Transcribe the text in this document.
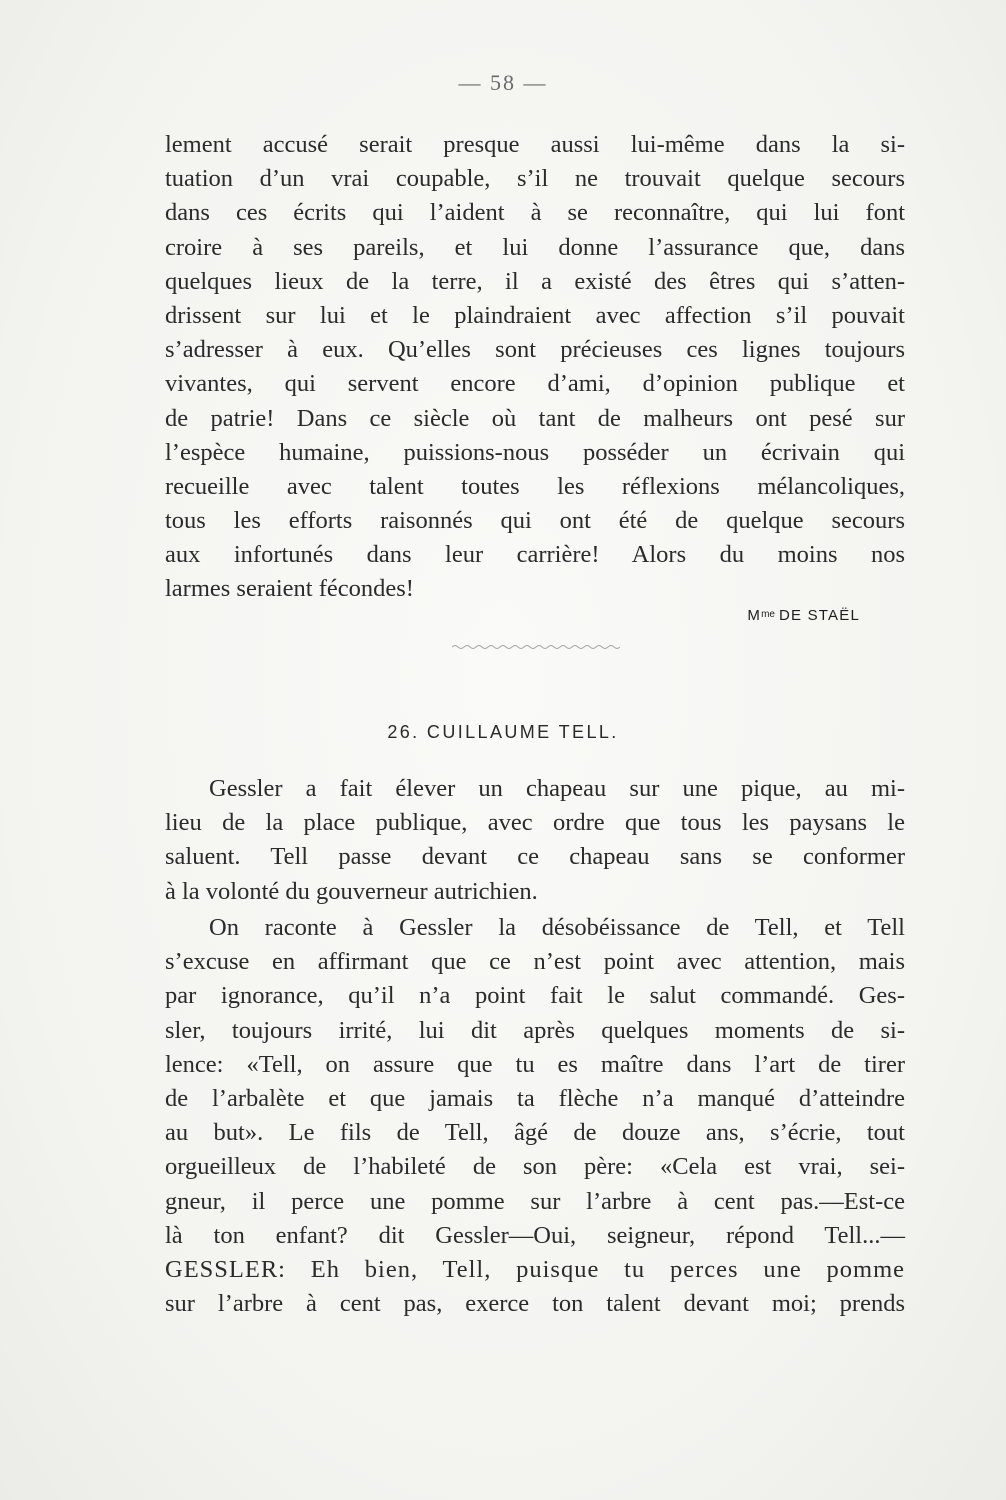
— 58 —
lement accusé serait presque aussi lui-même dans la si-
tuation d’un vrai coupable, s’il ne trouvait quelque secours
dans ces écrits qui l’aident à se reconnaître, qui lui font
croire à ses pareils, et lui donne l’assurance que, dans
quelques lieux de la terre, il a existé des êtres qui s’atten-
drissent sur lui et le plaindraient avec affection s’il pouvait
s’adresser à eux. Qu’elles sont précieuses ces lignes toujours
vivantes, qui servent encore d’ami, d’opinion publique et
de patrie! Dans ce siècle où tant de malheurs ont pesé sur
l’espèce humaine, puissions-nous posséder un écrivain qui
recueille avec talent toutes les réflexions mélancoliques,
tous les efforts raisonnés qui ont été de quelque secours
aux infortunés dans leur carrière! Alors du moins nos
larmes seraient fécondes!
$M^{me}$ DE STAËL
26. CUILLAUME TELL.
Gessler a fait élever un chapeau sur une pique, au mi-
lieu de la place publique, avec ordre que tous les paysans le
saluent. Tell passe devant ce chapeau sans se conformer
à la volonté du gouverneur autrichien.
On raconte à Gessler la désobéissance de Tell, et Tell
s’excuse en affirmant que ce n’est point avec attention, mais
par ignorance, qu’il n’a point fait le salut commandé. Ges-
sler, toujours irrité, lui dit après quelques moments de si-
lence: «Tell, on assure que tu es maître dans l’art de tirer
de l’arbalète et que jamais ta flèche n’a manqué d’atteindre
au but». Le fils de Tell, âgé de douze ans, s’écrie, tout
orgueilleux de l’habileté de son père: «Cela est vrai, sei-
gneur, il perce une pomme sur l’arbre à cent pas.—Est-ce
là ton enfant? dit Gessler—Oui, seigneur, répond Tell...—
GESSLER: Eh bien, Tell, puisque tu perces une pomme
sur l’arbre à cent pas, exerce ton talent devant moi; prends
